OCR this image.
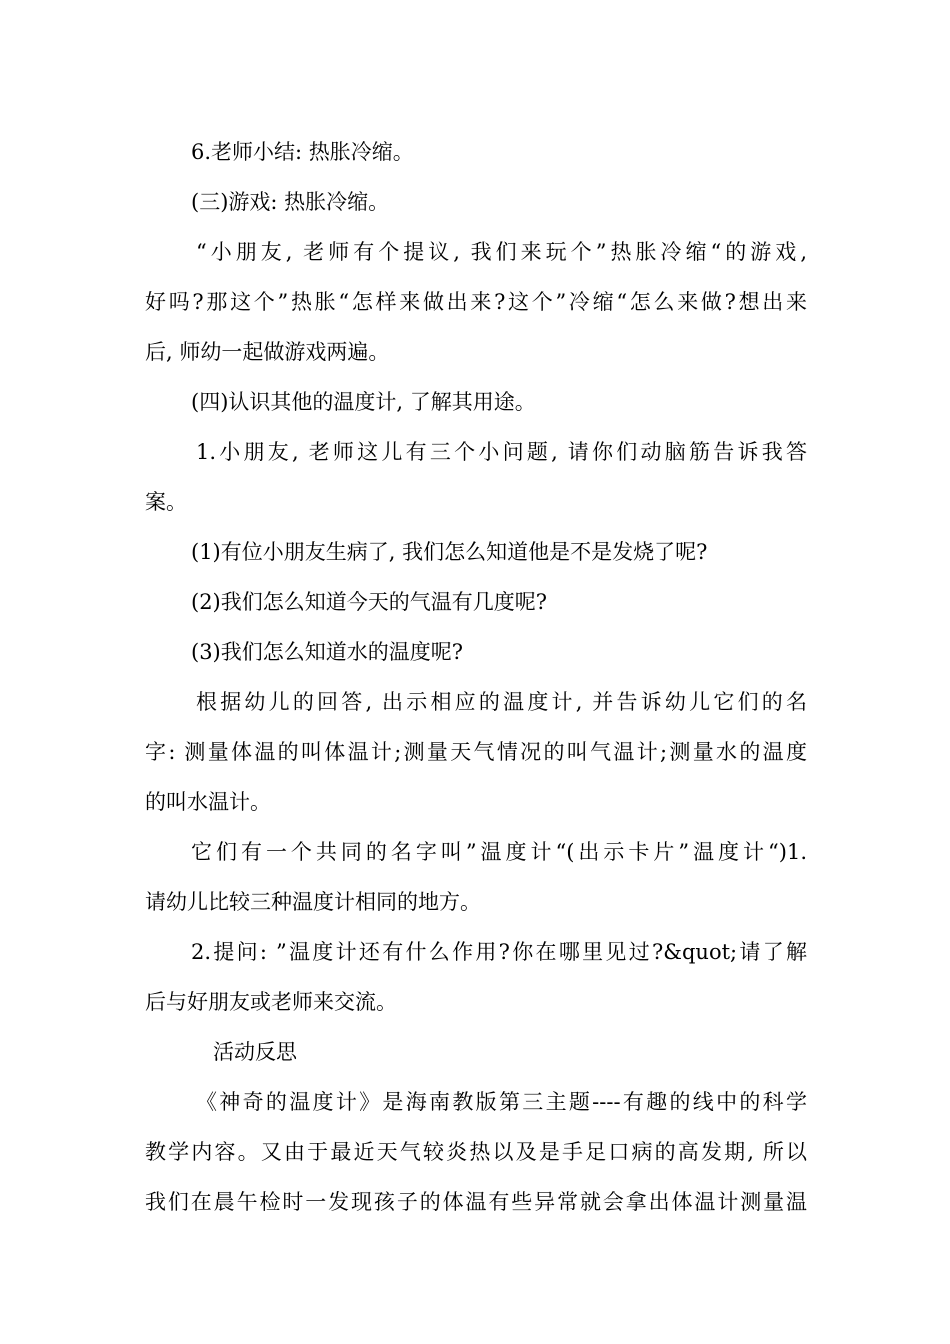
6.老师小结: 热胀冷缩。
(三)游戏: 热胀冷缩。
“小朋友, 老师有个提议, 我们来玩个”热胀冷缩“的游戏,
好吗?那这个”热胀“怎样来做出来?这个”冷缩“怎么来做?想出来
后, 师幼一起做游戏两遍。
(四)认识其他的温度计, 了解其用途。
1.小朋友, 老师这儿有三个小问题, 请你们动脑筋告诉我答
案。
(1)有位小朋友生病了, 我们怎么知道他是不是发烧了呢?
(2)我们怎么知道今天的气温有几度呢?
(3)我们怎么知道水的温度呢?
根据幼儿的回答, 出示相应的温度计, 并告诉幼儿它们的名
字: 测量体温的叫体温计;测量天气情况的叫气温计;测量水的温度
的叫水温计。
它们有一个共同的名字叫”温度计“(出示卡片”温度计“)1.
请幼儿比较三种温度计相同的地方。
2.提问: ”温度计还有什么作用?你在哪里见过?&quot;请了解
后与好朋友或老师来交流。
活动反思
《神奇的温度计》是海南教版第三主题----有趣的线中的科学
教学内容。又由于最近天气较炎热以及是手足口病的高发期, 所以
我们在晨午检时一发现孩子的体温有些异常就会拿出体温计测量温
